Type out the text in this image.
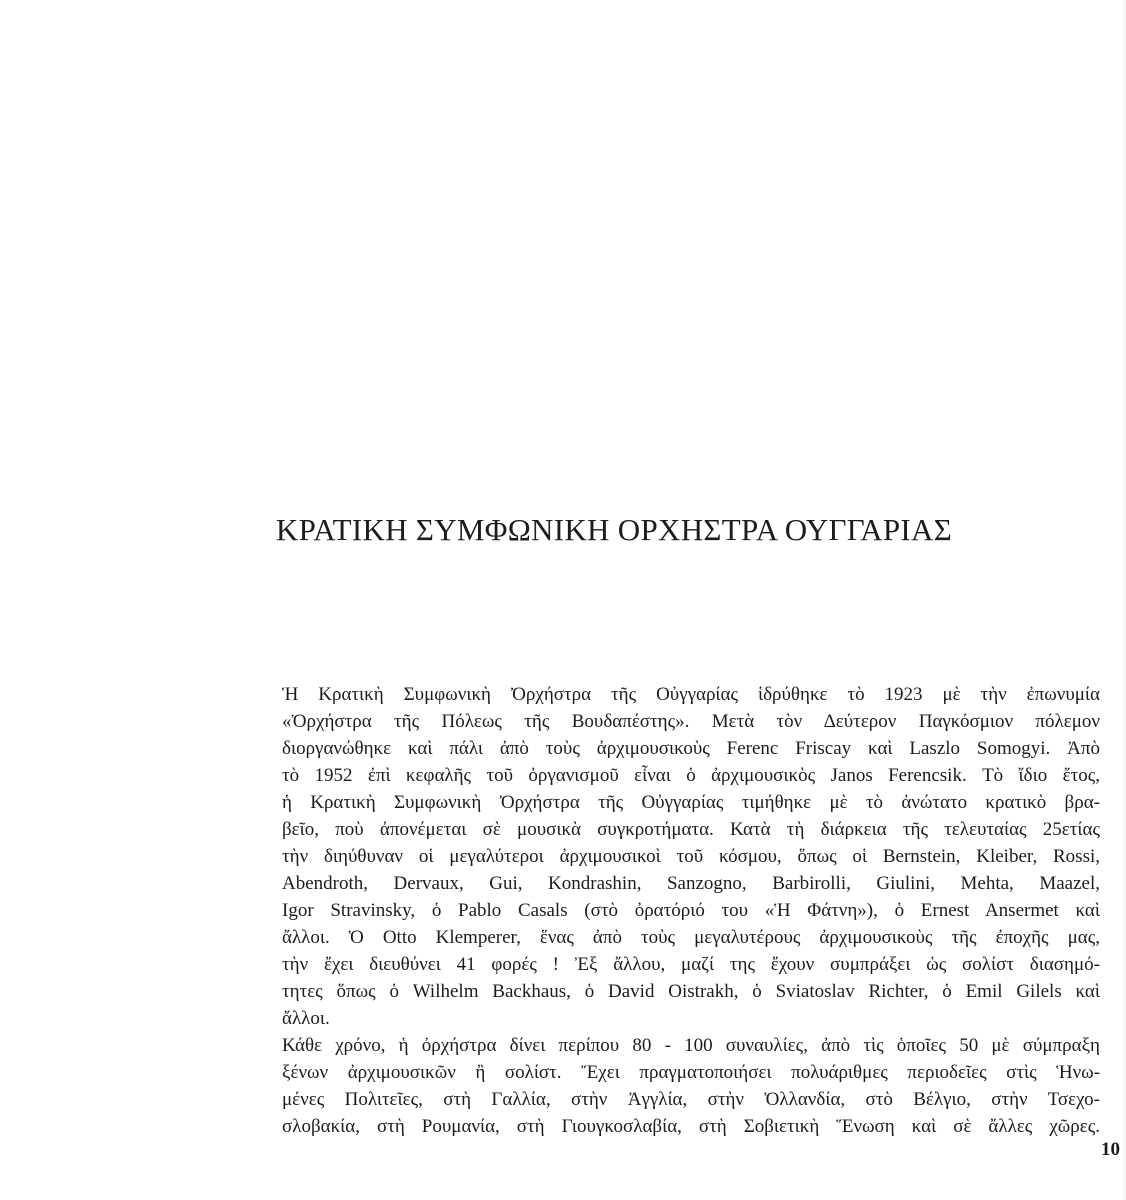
ΚΡΑΤΙΚΗ ΣΥΜΦΩΝΙΚΗ ΟΡΧΗΣΤΡΑ ΟΥΓΓΑΡΙΑΣ
Ἡ Κρατικὴ Συμφωνικὴ Ὀρχήστρα τῆς Οὐγγαρίας ἱδρύθηκε τὸ 1923 μὲ τὴν ἐπωνυμία
«Ὀρχήστρα τῆς Πόλεως τῆς Βουδαπέστης». Μετὰ τὸν Δεύτερον Παγκόσμιον πόλεμον
διοργανώθηκε καὶ πάλι ἀπὸ τοὺς ἀρχιμουσικοὺς Ferenc Friscay καὶ Laszlo Somogyi. Ἀπὸ
τὸ 1952 ἐπὶ κεφαλῆς τοῦ ὀργανισμοῦ εἶναι ὁ ἀρχιμουσικὸς Janos Ferencsik. Τὸ ἴδιο ἔτος,
ἡ Κρατικὴ Συμφωνικὴ Ὀρχήστρα τῆς Οὐγγαρίας τιμήθηκε μὲ τὸ ἀνώτατο κρατικὸ βρα-
βεῖο, ποὺ ἀπονέμεται σὲ μουσικὰ συγκροτήματα. Κατὰ τὴ διάρκεια τῆς τελευταίας 25ετίας
τὴν διηύθυναν οἱ μεγαλύτεροι ἀρχιμουσικοὶ τοῦ κόσμου, ὅπως οἱ Bernstein, Kleiber, Rossi,
Abendroth, Dervaux, Gui, Kondrashin, Sanzogno, Barbirolli, Giulini, Mehta, Maazel,
Igor Stravinsky, ὁ Pablo Casals (στὸ ὀρατόριό του «Ἡ Φάτνη»), ὁ Ernest Ansermet καὶ
ἄλλοι. Ὁ Otto Klemperer, ἕνας ἀπὸ τοὺς μεγαλυτέρους ἀρχιμουσικοὺς τῆς ἐποχῆς μας,
τὴν ἔχει διευθύνει 41 φορές ! Ἐξ ἄλλου, μαζί της ἔχουν συμπράξει ὡς σολίστ διασημό-
τητες ὅπως ὁ Wilhelm Backhaus, ὁ David Oistrakh, ὁ Sviatoslav Richter, ὁ Emil Gilels καὶ
ἄλλοι.
Κάθε χρόνο, ἡ ὀρχήστρα δίνει περίπου 80 - 100 συναυλίες, ἀπὸ τὶς ὁποῖες 50 μὲ σύμπραξη
ξένων ἀρχιμουσικῶν ἢ σολίστ. Ἔχει πραγματοποιήσει πολυάριθμες περιοδεῖες στὶς Ἡνω-
μένες Πολιτεῖες, στὴ Γαλλία, στὴν Ἀγγλία, στὴν Ὁλλανδία, στὸ Βέλγιο, στὴν Τσεχο-
σλοβακία, στὴ Ρουμανία, στὴ Γιουγκοσλαβία, στὴ Σοβιετικὴ Ἕνωση καὶ σὲ ἄλλες χῶρες.
10
